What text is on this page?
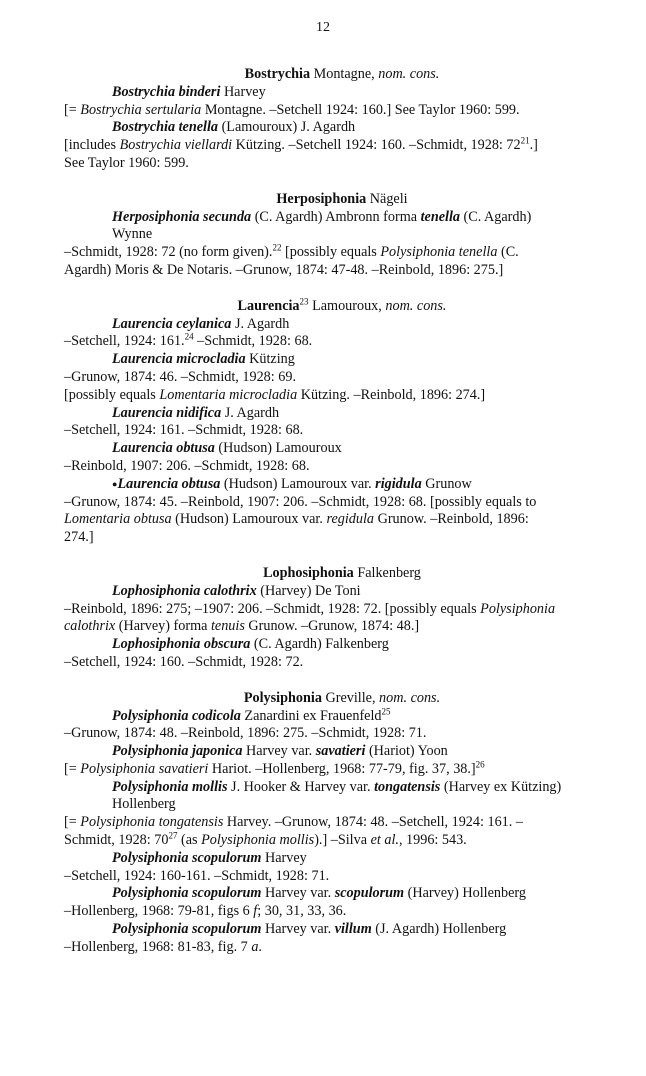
12

Bostrychia Montagne, nom. cons.

Bostrychia binderi Harvey

[= Bostrychia sertularia Montagne. –Setchell 1924: 160.] See Taylor 1960: 599.

Bostrychia tenella (Lamouroux) J. Agardh

[includes Bostrychia viellardi Kützing. –Setchell 1924: 160. –Schmidt, 1928: $72^{21}$.]

See Taylor 1960: 599.

Herposiphonia Nägeli

Herposiphonia secunda (C. Agardh) Ambronn forma tenella (C. Agardh)

Wynne

–Schmidt, 1928: 72 (no form given).$^{22}$ [possibly equals Polysiphonia tenella (C.

Agardh) Moris & De Notaris. –Grunow, 1874: 47-48. –Reinbold, 1896: 275.]

Laurencia$^{23}$ Lamouroux, nom. cons.

Laurencia ceylanica J. Agardh

–Setchell, 1924: 161.24 –Schmidt, 1928: 68.

Laurencia microcladia Kützing

–Grunow, 1874: 46. –Schmidt, 1928: 69.

[possibly equals Lomentaria microcladia Kützing. –Reinbold, 1896: 274.]

Laurencia nidifica J. Agardh

–Setchell, 1924: 161. –Schmidt, 1928: 68.

Laurencia obtusa (Hudson) Lamouroux

–Reinbold, 1907: 206. –Schmidt, 1928: 68.

●Laurencia obtusa (Hudson) Lamouroux var. rigidula Grunow

–Grunow, 1874: 45. –Reinbold, 1907: 206. –Schmidt, 1928: 68. [possibly equals to

Lomentaria obtusa (Hudson) Lamouroux var. regidula Grunow. –Reinbold, 1896:

274.]

Lophosiphonia Falkenberg

Lophosiphonia calothrix (Harvey) De Toni

–Reinbold, 1896: 275; –1907: 206. –Schmidt, 1928: 72. [possibly equals Polysiphonia

calothrix (Harvey) forma tenuis Grunow. –Grunow, 1874: 48.]

Lophosiphonia obscura (C. Agardh) Falkenberg

–Setchell, 1924: 160. –Schmidt, 1928: 72.

Polysiphonia Greville, nom. cons.

Polysiphonia codicola Zanardini ex Frauenfeld$^{25}$

–Grunow, 1874: 48. –Reinbold, 1896: 275. –Schmidt, 1928: 71.

Polysiphonia japonica Harvey var. savatieri (Hariot) Yoon

[= Polysiphonia savatieri Hariot. –Hollenberg, 1968: 77-79, fig. 37, 38.]$^{26}$

Polysiphonia mollis J. Hooker & Harvey var. tongatensis (Harvey ex Kützing)

Hollenberg

[= Polysiphonia tongatensis Harvey. –Grunow, 1874: 48. –Setchell, 1924: 161. –

Schmidt, 1928: $70^{27}$ (as Polysiphonia mollis).] –Silva et al., 1996: 543.

Polysiphonia scopulorum Harvey

–Setchell, 1924: 160-161. –Schmidt, 1928: 71.

Polysiphonia scopulorum Harvey var. scopulorum (Harvey) Hollenberg

–Hollenberg, 1968: 79-81, figs 6 f; 30, 31, 33, 36.

Polysiphonia scopulorum Harvey var. villum (J. Agardh) Hollenberg

–Hollenberg, 1968: 81-83, fig. 7 a.
